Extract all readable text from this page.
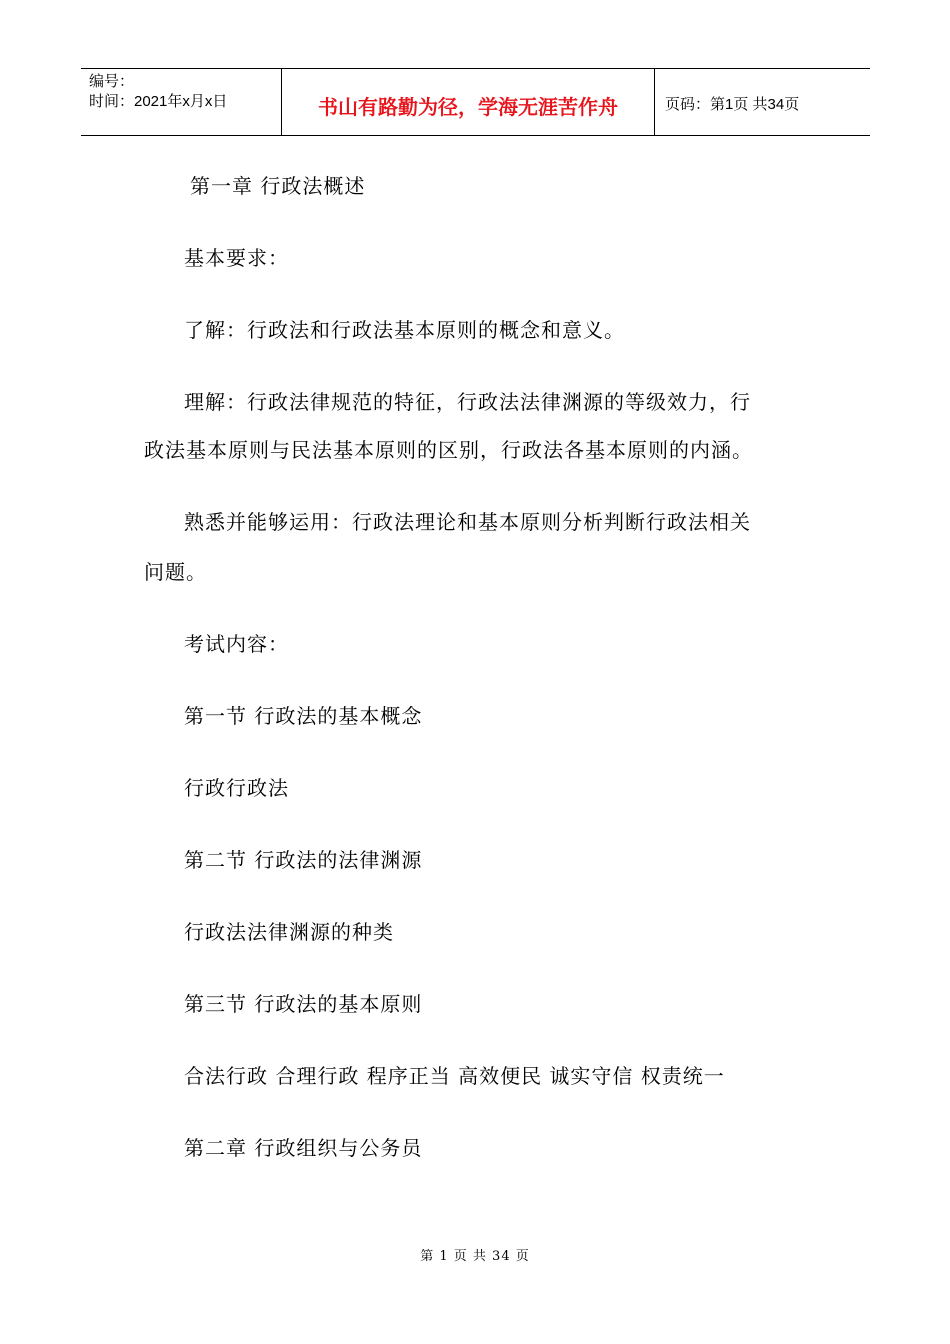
编号：
时间：2021年x月x日	书山有路勤为径，学海无涯苦作舟	页码：第1页 共34页
第一章 行政法概述
基本要求：
了解：行政法和行政法基本原则的概念和意义。
理解：行政法律规范的特征，行政法法律渊源的等级效力，行
政法基本原则与民法基本原则的区别，行政法各基本原则的内涵。
熟悉并能够运用：行政法理论和基本原则分析判断行政法相关
问题。
考试内容：
第一节 行政法的基本概念
行政行政法
第二节 行政法的法律渊源
行政法法律渊源的种类
第三节 行政法的基本原则
合法行政 合理行政 程序正当 高效便民 诚实守信 权责统一
第二章 行政组织与公务员
第 1 页 共 34 页
